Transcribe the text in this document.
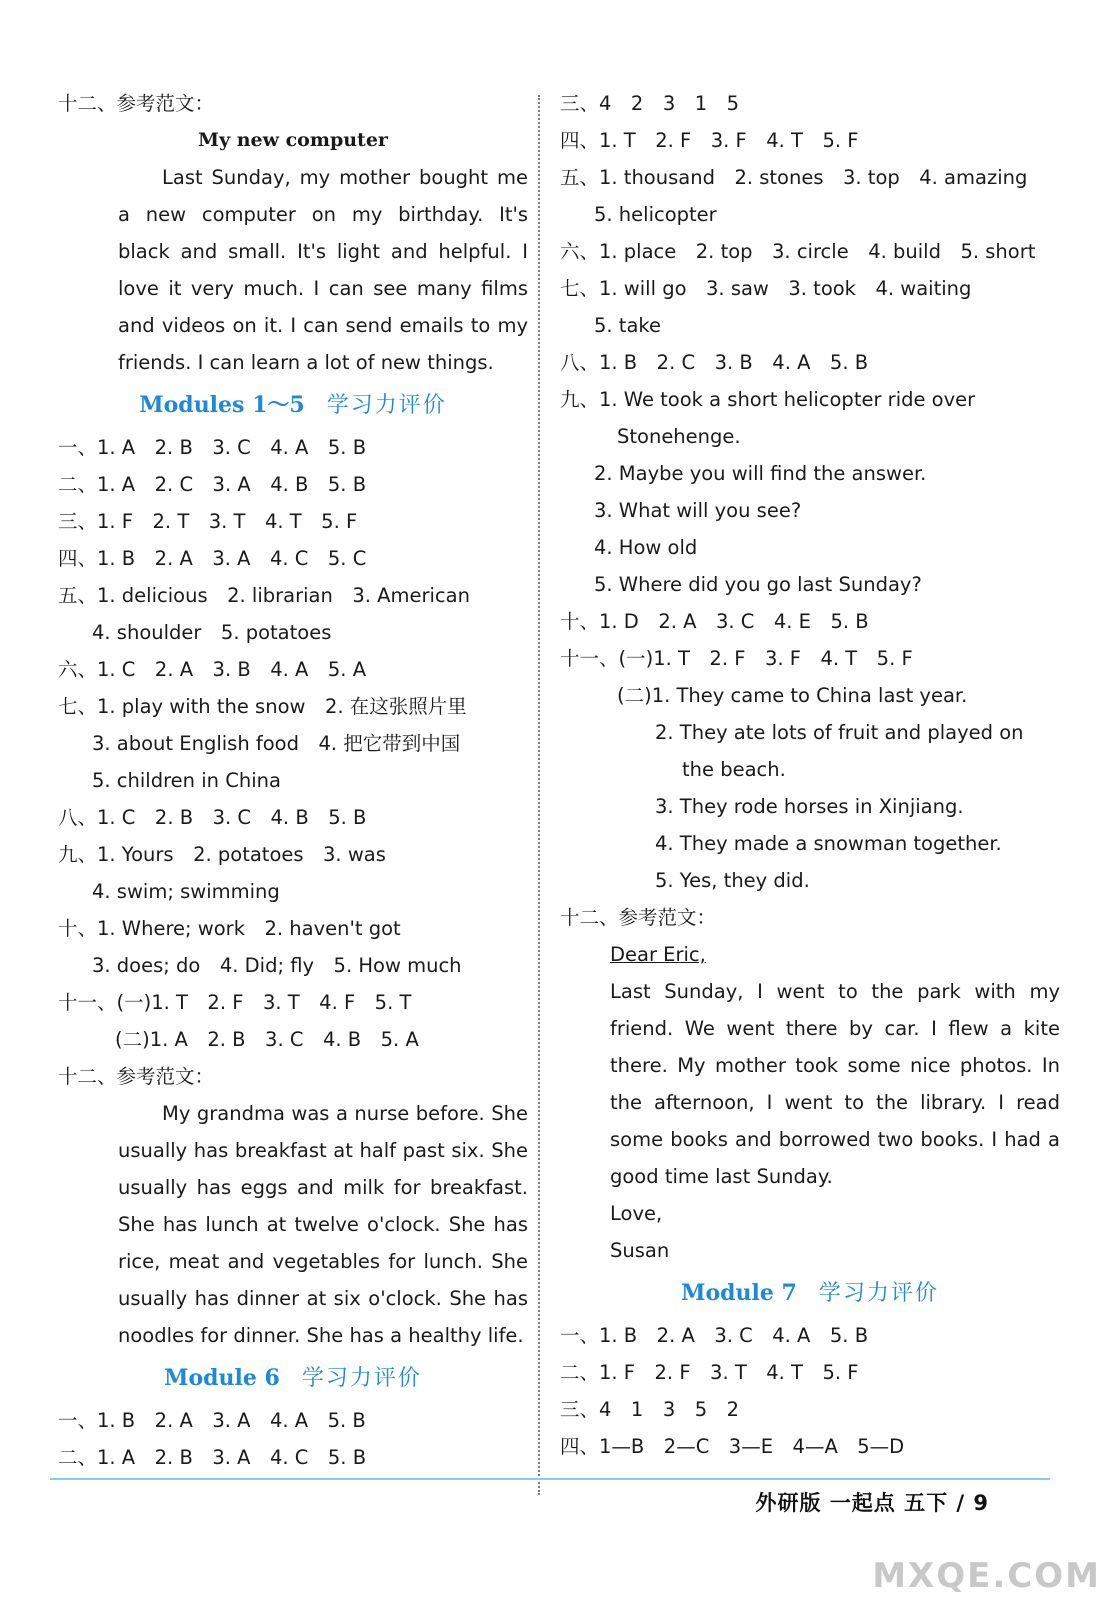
十二、参考范文：
My new computer
Last Sunday, my mother bought me a new computer on my birthday. It's black and small. It's light and helpful. I love it very much. I can see many films and videos on it. I can send emails to my friends. I can learn a lot of new things.
Modules 1～5 学习力评价
一、1. A　2. B　3. C　4. A　5. B
二、1. A　2. C　3. A　4. B　5. B
三、1. F　2. T　3. T　4. T　5. F
四、1. B　2. A　3. A　4. C　5. C
五、1. delicious　2. librarian　3. American
4. shoulder　5. potatoes
六、1. C　2. A　3. B　4. A　5. A
七、1. play with the snow　2. 在这张照片里
3. about English food　4. 把它带到中国
5. children in China
八、1. C　2. B　3. C　4. B　5. B
九、1. Yours　2. potatoes　3. was
4. swim; swimming
十、1. Where; work　2. haven't got
3. does; do　4. Did; fly　5. How much
十一、(一)1. T　2. F　3. T　4. F　5. T
(二)1. A　2. B　3. C　4. B　5. A
十二、参考范文：
My grandma was a nurse before. She usually has breakfast at half past six. She usually has eggs and milk for breakfast. She has lunch at twelve o'clock. She has rice, meat and vegetables for lunch. She usually has dinner at six o'clock. She has noodles for dinner. She has a healthy life.
Module 6 学习力评价
一、1. B　2. A　3. A　4. A　5. B
二、1. A　2. B　3. A　4. C　5. B
三、4　2　3　1　5
四、1. T　2. F　3. F　4. T　5. F
五、1. thousand　2. stones　3. top　4. amazing
5. helicopter
六、1. place　2. top　3. circle　4. build　5. short
七、1. will go　3. saw　3. took　4. waiting
5. take
八、1. B　2. C　3. B　4. A　5. B
九、1. We took a short helicopter ride over
Stonehenge.
2. Maybe you will find the answer.
3. What will you see?
4. How old
5. Where did you go last Sunday?
十、1. D　2. A　3. C　4. E　5. B
十一、(一)1. T　2. F　3. F　4. T　5. F
(二)1. They came to China last year.
2. They ate lots of fruit and played on
the beach.
3. They rode horses in Xinjiang.
4. They made a snowman together.
5. Yes, they did.
十二、参考范文：
Dear Eric,
Last Sunday, I went to the park with my friend. We went there by car. I flew a kite there. My mother took some nice photos. In the afternoon, I went to the library. I read some books and borrowed two books. I had a good time last Sunday.
Love,
Susan
Module 7 学习力评价
一、1. B　2. A　3. C　4. A　5. B
二、1. F　2. F　3. T　4. T　5. F
三、4　1　3　5　2
四、1—B　2—C　3—E　4—A　5—D
外研版 一起点 五下 / 9
MXQE.COM
